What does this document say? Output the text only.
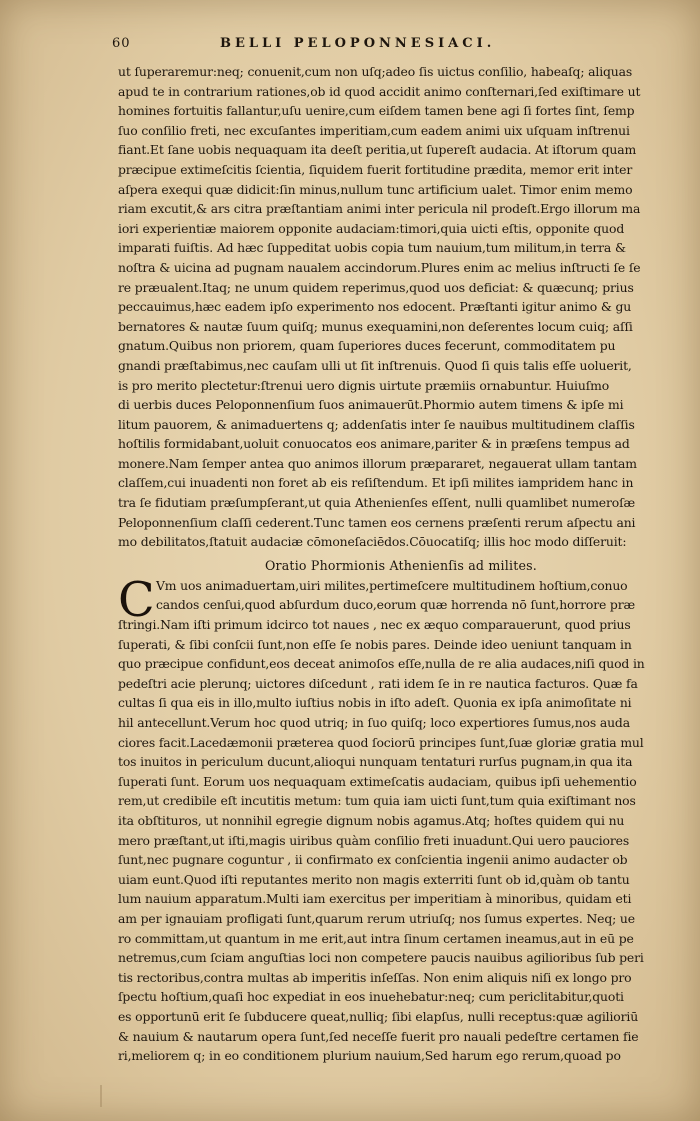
60	BELLI PELOPONNESIACI.
ut ſuperaremur:neq; conuenit,cum non uſq;adeo ſis uictus conſilio, habeaſq; aliquas
apud te in contrarium rationes,ob id quod accidit animo conſternari,ſed exiſtimare ut
homines fortuitis fallantur,uſu uenire,cum eiſdem tamen bene agi ſi fortes ſint, ſemp
ſuo conſilio freti, nec excuſantes imperitiam,cum eadem animi uix uſquam inſtrenui
fiant.Et ſane uobis nequaquam ita deeſt peritia,ut ſupereſt audacia. At iſtorum quam
præcipue extimeſcitis ſcientia, ſiquidem fuerit fortitudine prædita, memor erit inter
aſpera exequi quæ didicit:ſin minus,nullum tunc artificium ualet. Timor enim memo
riam excutit,& ars citra præſtantiam animi inter pericula nil prodeſt.Ergo illorum ma
iori experientiæ maiorem opponite audaciam:timori,quia uicti eſtis, opponite quod
imparati fuiſtis. Ad hæc ſuppeditat uobis copia tum nauium,tum militum,in terra &
noſtra & uicina ad pugnam naualem accindorum.Plures enim ac melius inſtructi ſe ſe
re præualent.Itaq; ne unum quidem reperimus,quod uos deficiat: & quæcunq; prius
peccauimus,hæc eadem ipſo experimento nos edocent. Præſtanti igitur animo & gu
bernatores & nautæ ſuum quiſq; munus exequamini,non deſerentes locum cuiq; aſſi
gnatum.Quibus non priorem, quam ſuperiores duces fecerunt, commoditatem pu
gnandi præſtabimus,nec cauſam ulli ut ſit inſtrenuis. Quod ſi quis talis eſſe uoluerit,
is pro merito plectetur:ſtrenui uero dignis uirtute præmiis ornabuntur. Huiuſmo
di uerbis duces Peloponnenſium ſuos animauerūt.Phormio autem timens & ipſe mi
litum pauorem, & animaduertens q; addenſatis inter ſe nauibus multitudinem claſſis
hoſtilis formidabant,uoluit conuocatos eos animare,pariter & in præſens tempus ad
monere.Nam ſemper antea quo animos illorum præpararet, negauerat ullam tantam
claſſem,cui inuadenti non foret ab eis reſiſtendum. Et ipſi milites iampridem hanc in
tra ſe fidutiam præſumpſerant,ut quia Athenienſes eſſent, nulli quamlibet numeroſæ
Peloponnenſium claſſi cederent.Tunc tamen eos cernens præſenti rerum aſpectu ani
mo debilitatos,ſtatuit audaciæ cōmoneſaciēdos.Cōuocatiſq; illis hoc modo diſſeruit:
Oratio Phormionis Athenienſis ad milites.
C Vm uos animaduertam,uiri milites,pertimeſcere multitudinem hoſtium,conuo
candos cenſui,quod abſurdum duco,eorum quæ horrenda nō ſunt,horrore præ
ſtringi.Nam iſti primum idcirco tot naues , nec ex æquo comparauerunt, quod prius
ſuperati, & ſibi conſcii ſunt,non eſſe ſe nobis pares. Deinde ideo ueniunt tanquam in
quo præcipue confidunt,eos deceat animoſos eſſe,nulla de re alia audaces,niſi quod in
pedeſtri acie plerunq; uictores diſcedunt , rati idem ſe in re nautica facturos. Quæ fa
cultas ſi qua eis in illo,multo iuſtius nobis in iſto adeſt. Quonia ex ipſa animoſitate ni
hil antecellunt.Verum hoc quod utriq; in ſuo quiſq; loco expertiores ſumus,nos auda
ciores facit.Lacedæmonii præterea quod ſociorū principes ſunt,ſuæ gloriæ gratia mul
tos inuitos in periculum ducunt,alioqui nunquam tentaturi rurſus pugnam,in qua ita
ſuperati ſunt. Eorum uos nequaquam extimeſcatis audaciam, quibus ipſi uehementio
rem,ut credibile eſt incutitis metum: tum quia iam uicti ſunt,tum quia exiſtimant nos
ita obſtituros, ut nonnihil egregie dignum nobis agamus.Atq; hoſtes quidem qui nu
mero præſtant,ut iſti,magis uiribus quàm conſilio freti inuadunt.Qui uero pauciores
ſunt,nec pugnare coguntur , ii confirmato ex conſcientia ingenii animo audacter ob
uiam eunt.Quod iſti reputantes merito non magis exterriti ſunt ob id,quàm ob tantu
lum nauium apparatum.Multi iam exercitus per imperitiam à minoribus, quidam eti
am per ignauiam profligati ſunt,quarum rerum utriuſq; nos ſumus expertes. Neq; ue
ro committam,ut quantum in me erit,aut intra ſinum certamen ineamus,aut in eū pe
netremus,cum ſciam anguſtias loci non competere paucis nauibus agilioribus ſub peri
tis rectoribus,contra multas ab imperitis inſeſſas. Non enim aliquis niſi ex longo pro
ſpectu hoſtium,quaſi hoc expediat in eos inuehebatur:neq; cum periclitabitur,quoti
es opportunū erit ſe ſubducere queat,nulliq; ſibi elapſus, nulli receptus:quæ agilioriū
& nauium & nautarum opera ſunt,ſed neceſſe fuerit pro nauali pedeſtre certamen fie
ri,meliorem q; in eo conditionem plurium nauium,Sed harum ego rerum,quoad po
